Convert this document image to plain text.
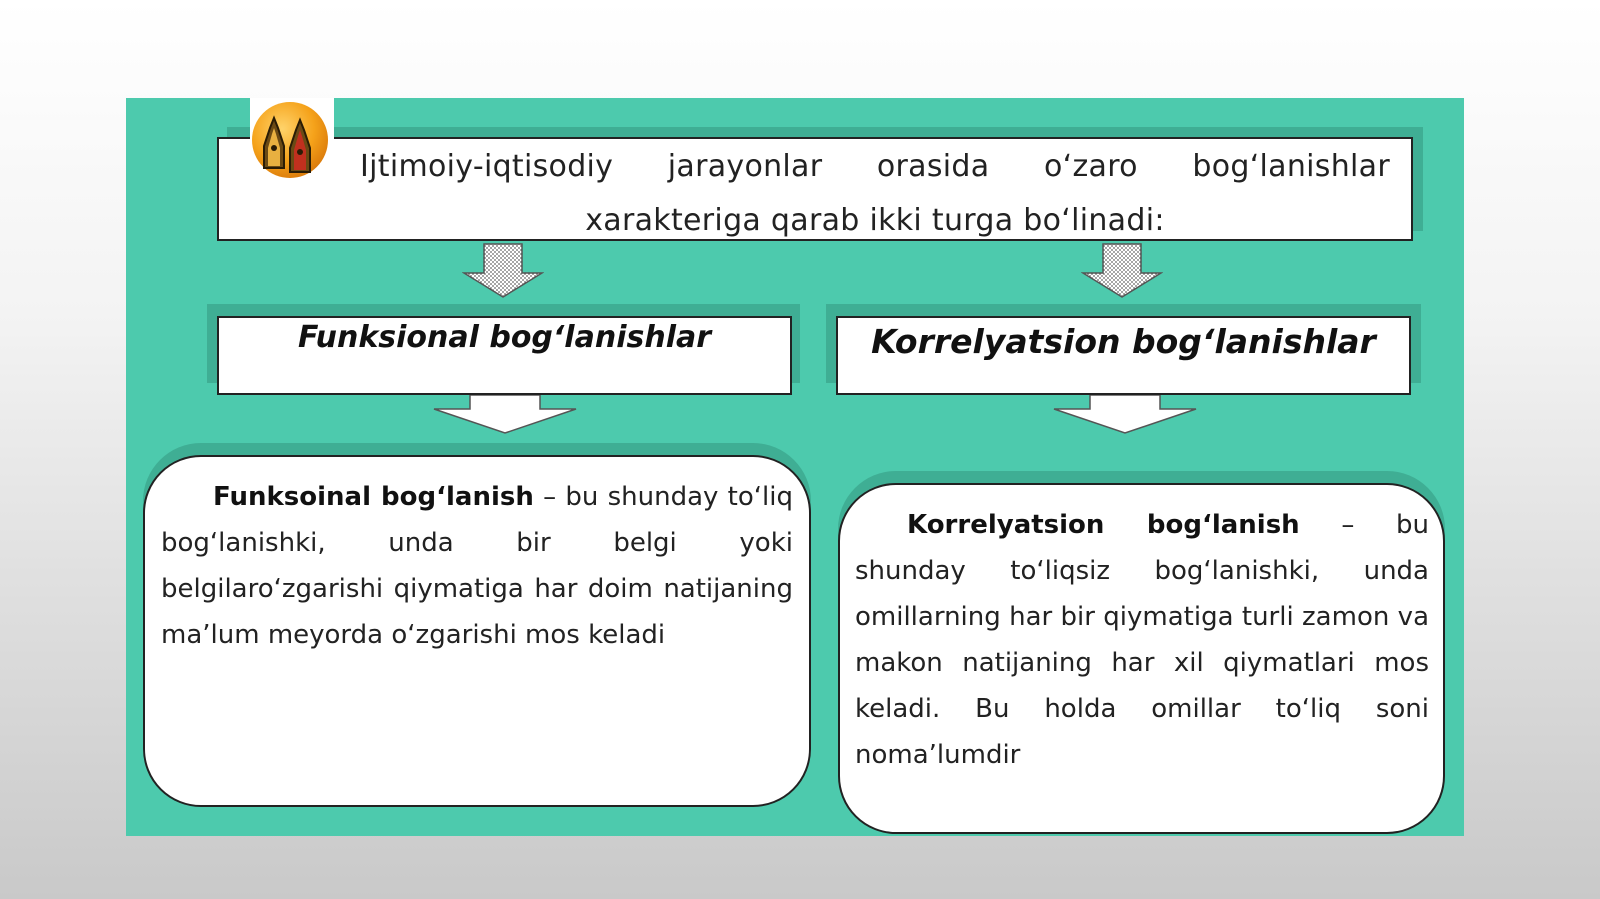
Ijtimoiy-iqtisodiy jarayonlar orasida o‘zaro bog‘lanishlar xarakteriga qarab ikki turga bo‘linadi:
Funksional bog‘lanishlar	Korrelyatsion bog‘lanishlar

Funksoinal bog‘lanish – bu shunday to‘liq bog‘lanishki, unda bir belgi yoki belgilaro‘zgarishi qiymatiga har doim natijaning ma’lum meyorda o‘zgarishi mos keladi

Korrelyatsion bog‘lanish – bu shunday to‘liqsiz bog‘lanishki, unda omillarning har bir qiymatiga turli zamon va makon natijaning har xil qiymatlari mos keladi. Bu holda omillar to‘liq soni noma’lumdir
